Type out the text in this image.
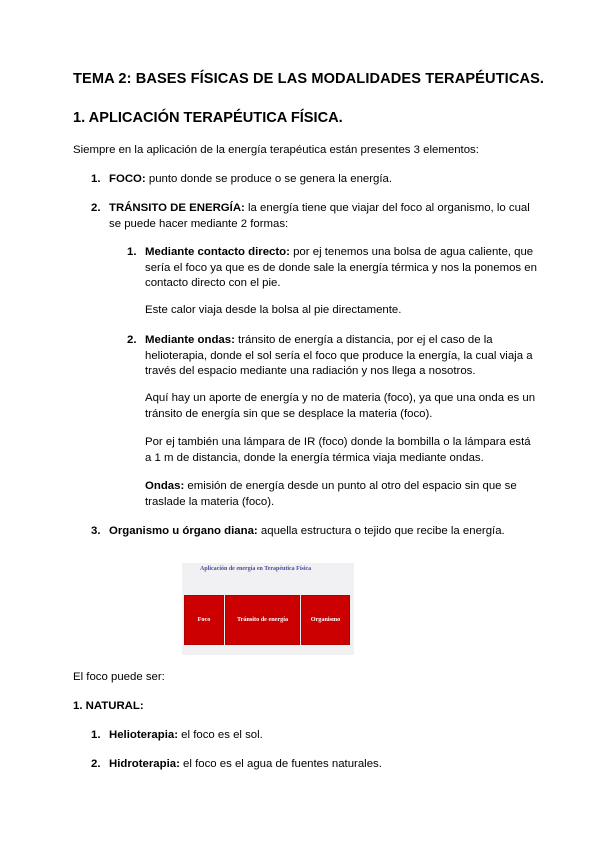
TEMA 2: BASES FÍSICAS DE LAS MODALIDADES TERAPÉUTICAS.
1. APLICACIÓN TERAPÉUTICA FÍSICA.
Siempre en la aplicación de la energía terapéutica están presentes 3 elementos:
1. FOCO: punto donde se produce o se genera la energía.
2. TRÁNSITO DE ENERGÍA: la energía tiene que viajar del foco al organismo, lo cual
se puede hacer mediante 2 formas:
1. Mediante contacto directo: por ej tenemos una bolsa de agua caliente, que
sería el foco ya que es de donde sale la energía térmica y nos la ponemos en
contacto directo con el pie.
Este calor viaja desde la bolsa al pie directamente.
2. Mediante ondas: tránsito de energía a distancia, por ej el caso de la
helioterapia, donde el sol sería el foco que produce la energía, la cual viaja a
través del espacio mediante una radiación y nos llega a nosotros.
Aquí hay un aporte de energía y no de materia (foco), ya que una onda es un
tránsito de energía sin que se desplace la materia (foco).
Por ej también una lámpara de IR (foco) donde la bombilla o la lámpara está
a 1 m de distancia, donde la energía térmica viaja mediante ondas.
Ondas: emisión de energía desde un punto al otro del espacio sin que se
traslade la materia (foco).
3. Organismo u órgano diana: aquella estructura o tejido que recibe la energía.
Aplicación de energía en Terapéutica Física
Foco	Tránsito de energía	Organismo
El foco puede ser:
1. NATURAL:
1. Helioterapia: el foco es el sol.
2. Hidroterapia: el foco es el agua de fuentes naturales.
